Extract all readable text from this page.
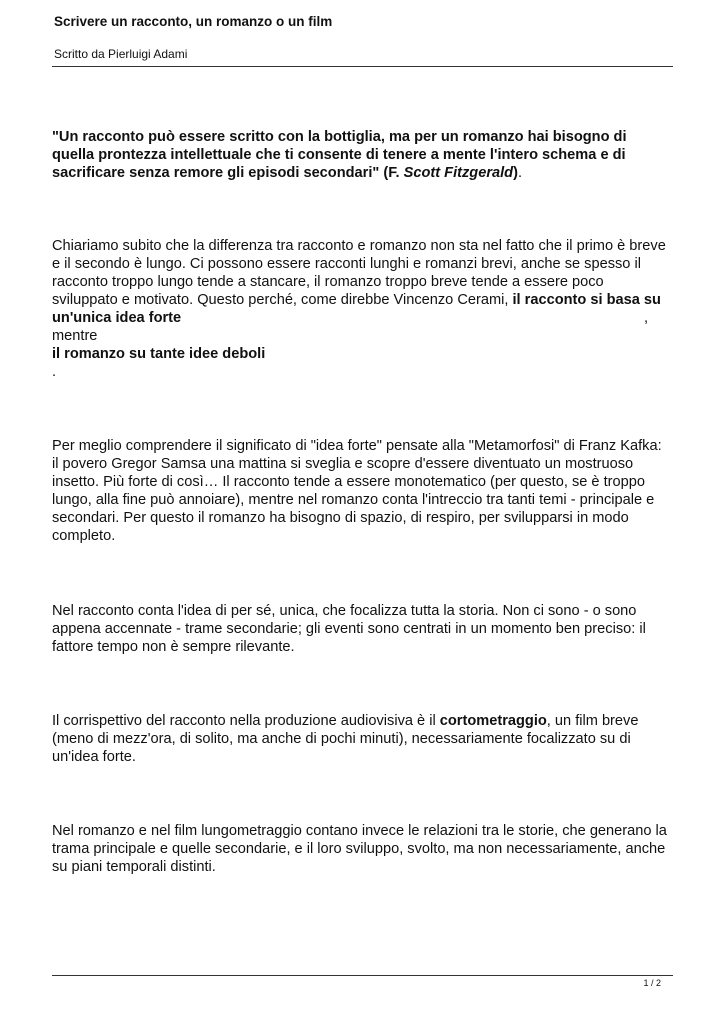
Scrivere un racconto, un romanzo o un film
Scritto da Pierluigi Adami
"Un racconto può essere scritto con la bottiglia, ma per un romanzo hai bisogno di
quella prontezza intellettuale che ti consente di tenere a mente l'intero schema e di
sacrificare senza remore gli episodi secondari" (F. Scott Fitzgerald).
Chiariamo subito che la differenza tra racconto e romanzo non sta nel fatto che il primo è breve
e il secondo è lungo. Ci possono essere racconti lunghi e romanzi brevi, anche se spesso il
racconto troppo lungo tende a stancare, il romanzo troppo breve tende a essere poco
sviluppato e motivato. Questo perché, come direbbe Vincenzo Cerami, il racconto si basa su
un'unica idea forte	,
mentre
il romanzo su tante idee deboli
.
Per meglio comprendere il significato di "idea forte" pensate alla "Metamorfosi" di Franz Kafka:
il povero Gregor Samsa una mattina si sveglia e scopre d'essere diventuato un mostruoso
insetto. Più forte di così… Il racconto tende a essere monotematico (per questo, se è troppo
lungo, alla fine può annoiare), mentre nel romanzo conta l'intreccio tra tanti temi - principale e
secondari. Per questo il romanzo ha bisogno di spazio, di respiro, per svilupparsi in modo
completo.
Nel racconto conta l'idea di per sé, unica, che focalizza tutta la storia. Non ci sono - o sono
appena accennate - trame secondarie; gli eventi sono centrati in un momento ben preciso: il
fattore tempo non è sempre rilevante.
Il corrispettivo del racconto nella produzione audiovisiva è il cortometraggio, un film breve
(meno di mezz'ora, di solito, ma anche di pochi minuti), necessariamente focalizzato su di
un'idea forte.
Nel romanzo e nel film lungometraggio contano invece le relazioni tra le storie, che generano la
trama principale e quelle secondarie, e il loro sviluppo, svolto, ma non necessariamente, anche
su piani temporali distinti.
1 / 2
